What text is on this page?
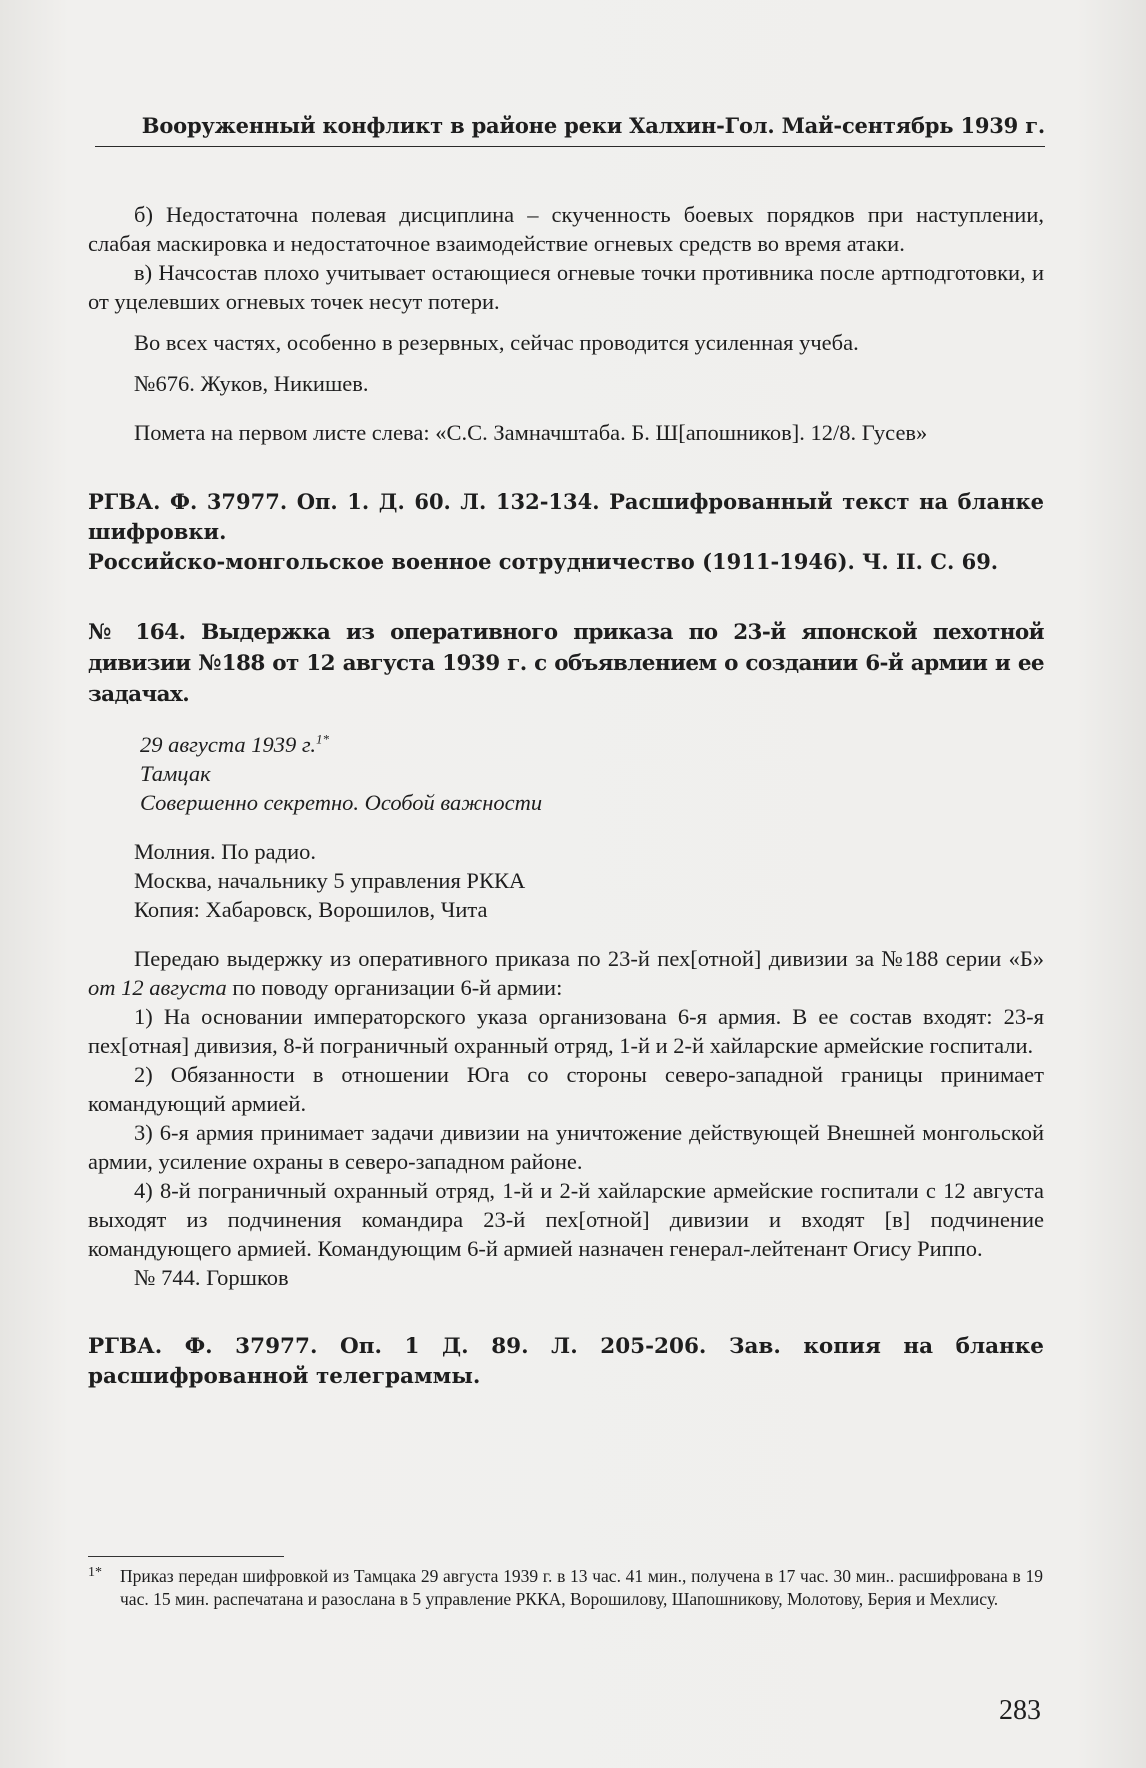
Вооруженный конфликт в районе реки Халхин-Гол. Май-сентябрь 1939 г.

б) Недостаточна полевая дисциплина – скученность боевых порядков при наступлении, слабая маскировка и недостаточное взаимодействие огневых средств во время атаки.

в) Начсостав плохо учитывает остающиеся огневые точки противника после артподготовки, и от уцелевших огневых точек несут потери.

Во всех частях, особенно в резервных, сейчас проводится усиленная учеба.

№676. Жуков, Никишев.

Помета на первом листе слева: «С.С. Замначштаба. Б. Ш[апошников]. 12/8. Гусев»

РГВА. Ф. 37977. Оп. 1. Д. 60. Л. 132-134. Расшифрованный текст на бланке шифровки.

Российско-монгольское военное сотрудничество (1911-1946). Ч. II. С. 69.

№ 164. Выдержка из оперативного приказа по 23-й японской пехотной дивизии №188 от 12 августа 1939 г. с объявлением о создании 6-й армии и ее задачах.

29 августа 1939 г.$^{1*}$
Тамцак
Совершенно секретно. Особой важности
Молния. По радио.
Москва, начальнику 5 управления РККА
Копия: Хабаровск, Ворошилов, Чита

Передаю выдержку из оперативного приказа по 23-й пех[отной] дивизии за №188 серии «Б» от 12 августа по поводу организации 6-й армии:

1) На основании императорского указа организована 6-я армия. В ее состав входят: 23-я пех[отная] дивизия, 8-й пограничный охранный отряд, 1-й и 2-й хайларские армейские госпитали.

2) Обязанности в отношении Юга со стороны северо-западной границы принимает командующий армией.

3) 6-я армия принимает задачи дивизии на уничтожение действующей Внешней монгольской армии, усиление охраны в северо-западном районе.

4) 8-й пограничный охранный отряд, 1-й и 2-й хайларские армейские госпитали с 12 августа выходят из подчинения командира 23-й пех[отной] дивизии и входят [в] подчинение командующего армией. Командующим 6-й армией назначен генерал-лейтенант Огису Риппо.

№ 744. Горшков

РГВА. Ф. 37977. Оп. 1 Д. 89. Л. 205-206. Зав. копия на бланке расшифрованной телеграммы.

1*	Приказ передан шифровкой из Тамцака 29 августа 1939 г. в 13 час. 41 мин., получена в 17 час. 30 мин.. расшифрована в 19 час. 15 мин. распечатана и разослана в 5 управление РККА, Ворошилову, Шапошникову, Молотову, Берия и Мехлису.
283
